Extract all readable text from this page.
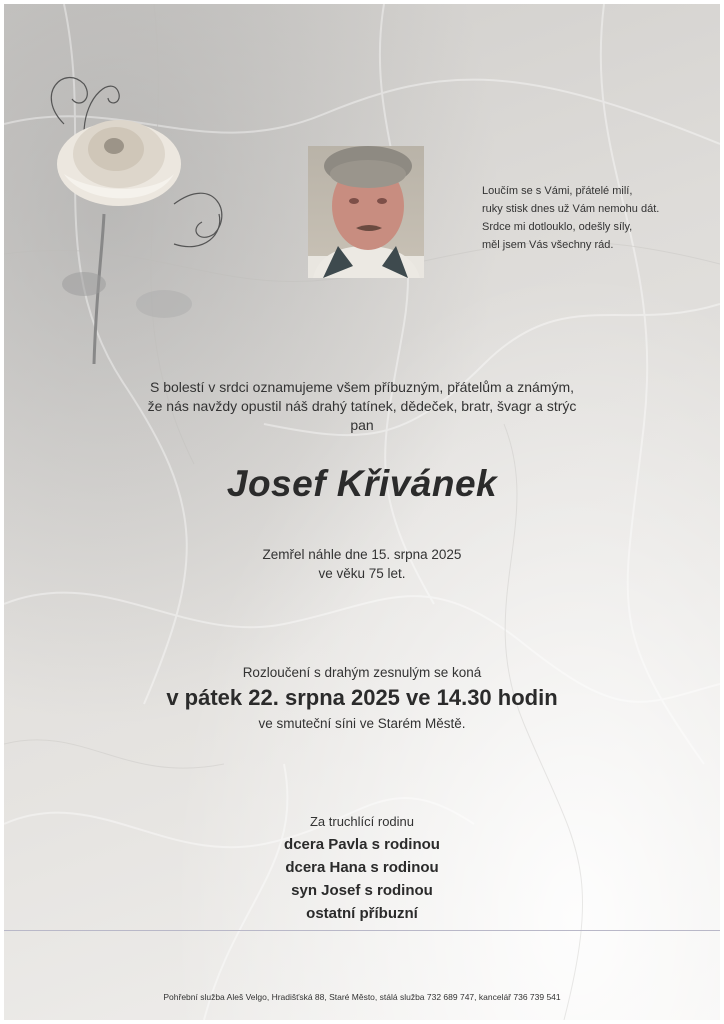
Loučím se s Vámi, přátelé milí,
ruky stisk dnes už Vám nemohu dát.
Srdce mi dotlouklo, odešly síly,
měl jsem Vás všechny rád.
S bolestí v srdci oznamujeme všem příbuzným, přátelům a známým,
že nás navždy opustil náš drahý tatínek, dědeček, bratr, švagr a strýc
pan
Josef Křivánek
Zemřel náhle dne 15. srpna 2025
ve věku 75 let.
Rozloučení s drahým zesnulým se koná
v pátek 22. srpna 2025 ve 14.30 hodin
ve smuteční síni ve Starém Městě.
Za truchlící rodinu
dcera Pavla s rodinou
dcera Hana s rodinou
syn Josef s rodinou
ostatní příbuzní
Pohřební služba Aleš Velgo, Hradišťská 88, Staré Město, stálá služba 732 689 747, kancelář 736 739 541
